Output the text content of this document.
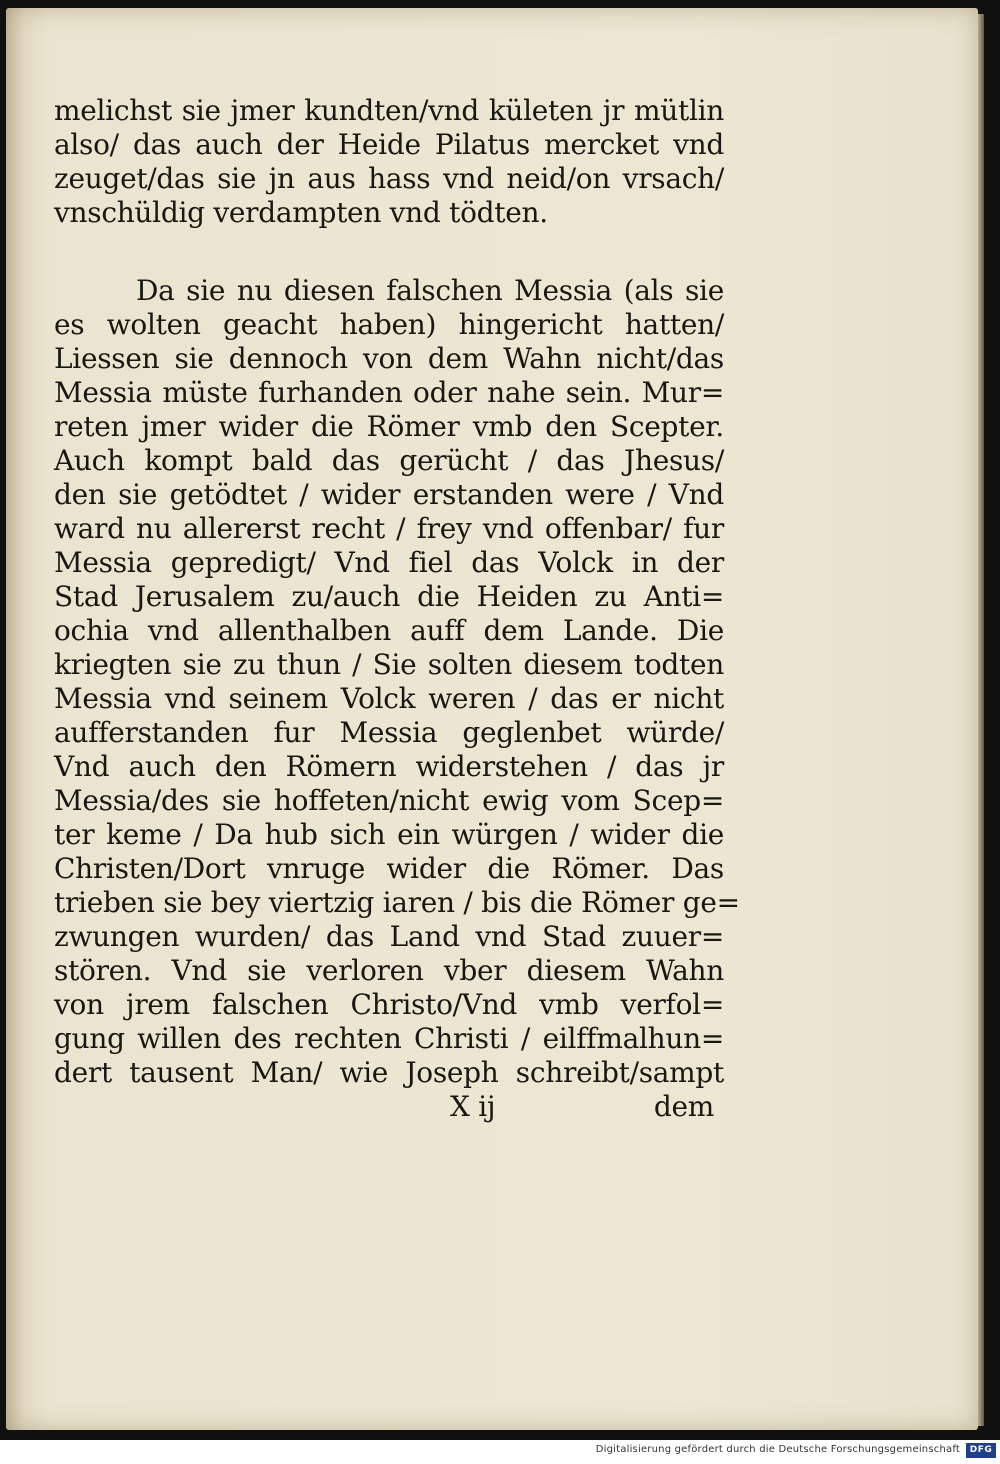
melichst sie jmer kundten/vnd kületen jr mütlin
also/ das auch der Heide Pilatus mercket vnd
zeuget/das sie jn aus hass vnd neid/on vrsach/
vnschüldig verdampten vnd tödten.
Da sie nu diesen falschen Messia (als sie
es wolten geacht haben) hingericht hatten/
Liessen sie dennoch von dem Wahn nicht/das
Messia müste furhanden oder nahe sein. Mur=
reten jmer wider die Römer vmb den Scepter.
Auch kompt bald das gerücht / das Jhesus/
den sie getödtet / wider erstanden were / Vnd
ward nu allererst recht / frey vnd offenbar/ fur
Messia gepredigt/ Vnd fiel das Volck in der
Stad Jerusalem zu/auch die Heiden zu Anti=
ochia vnd allenthalben auff dem Lande. Die
kriegten sie zu thun / Sie solten diesem todten
Messia vnd seinem Volck weren / das er nicht
aufferstanden fur Messia geglenbet würde/
Vnd auch den Römern widerstehen / das jr
Messia/des sie hoffeten/nicht ewig vom Scep=
ter keme / Da hub sich ein würgen / wider die
Christen/Dort vnruge wider die Römer. Das
trieben sie bey viertzig iaren / bis die Römer ge=
zwungen wurden/ das Land vnd Stad zuuer=
stören. Vnd sie verloren vber diesem Wahn
von jrem falschen Christo/Vnd vmb verfol=
gung willen des rechten Christi / eilffmalhun=
dert tausent Man/ wie Joseph schreibt/sampt
X ij	dem
Digitalisierung gefördert durch die Deutsche Forschungsgemeinschaft	DFG
